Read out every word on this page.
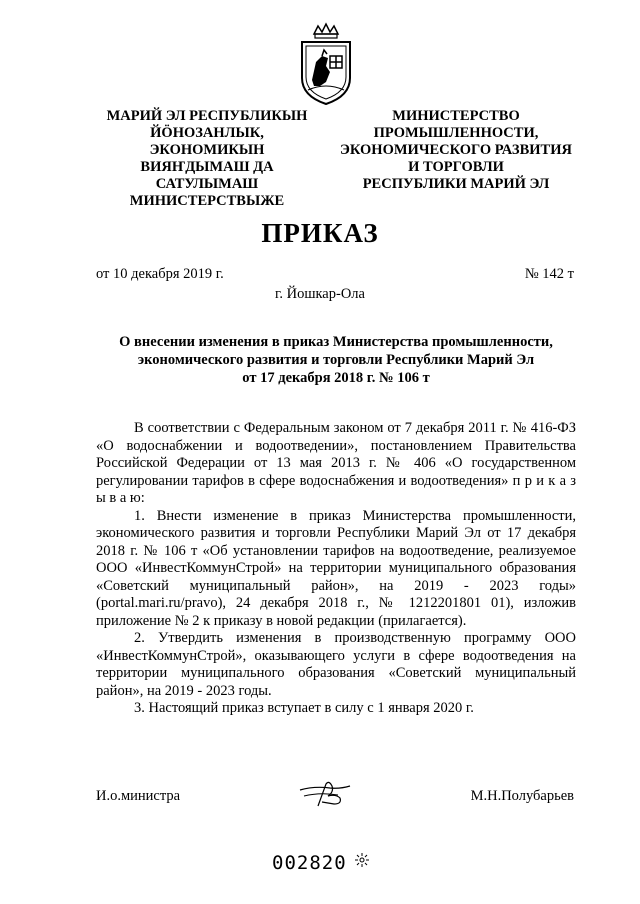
МАРИЙ ЭЛ РЕСПУБЛИКЫН
ЙÖНОЗАНЛЫК, ЭКОНОМИКЫН
ВИЯҤДЫМАШ ДА
САТУЛЫМАШ
МИНИСТЕРСТВЫЖЕ
МИНИСТЕРСТВО
ПРОМЫШЛЕННОСТИ,
ЭКОНОМИЧЕСКОГО РАЗВИТИЯ
И ТОРГОВЛИ
РЕСПУБЛИКИ МАРИЙ ЭЛ
ПРИКАЗ
от 10 декабря 2019 г.	№ 142 т
г. Йошкар-Ола
О внесении изменения в приказ Министерства промышленности,
экономического развития и торговли Республики Марий Эл
от 17 декабря 2018 г. № 106 т

В соответствии с Федеральным законом от 7 декабря 2011 г. № 416-ФЗ «О водоснабжении и водоотведении», постановлением Правительства Российской Федерации от 13 мая 2013 г. № 406 «О государственном регулировании тарифов в сфере водоснабжения и водоотведения» п р и к а з ы в а ю:

1. Внести изменение в приказ Министерства промышленности, экономического развития и торговли Республики Марий Эл от 17 декабря 2018 г. № 106 т «Об установлении тарифов на водоотведение, реализуемое ООО «ИнвестКоммунСтрой» на территории муниципального образования «Советский муниципальный район», на 2019 - 2023 годы» (portal.mari.ru/pravo), 24 декабря 2018 г., № 1212201801 01), изложив приложение № 2 к приказу в новой редакции (прилагается).

2. Утвердить изменения в производственную программу ООО «ИнвестКоммунСтрой», оказывающего услуги в сфере водоотведения на территории муниципального образования «Советский муниципальный район», на 2019 - 2023 годы.

3. Настоящий приказ вступает в силу с 1 января 2020 г.

И.о.министра	М.Н.Полубарьев
002820
